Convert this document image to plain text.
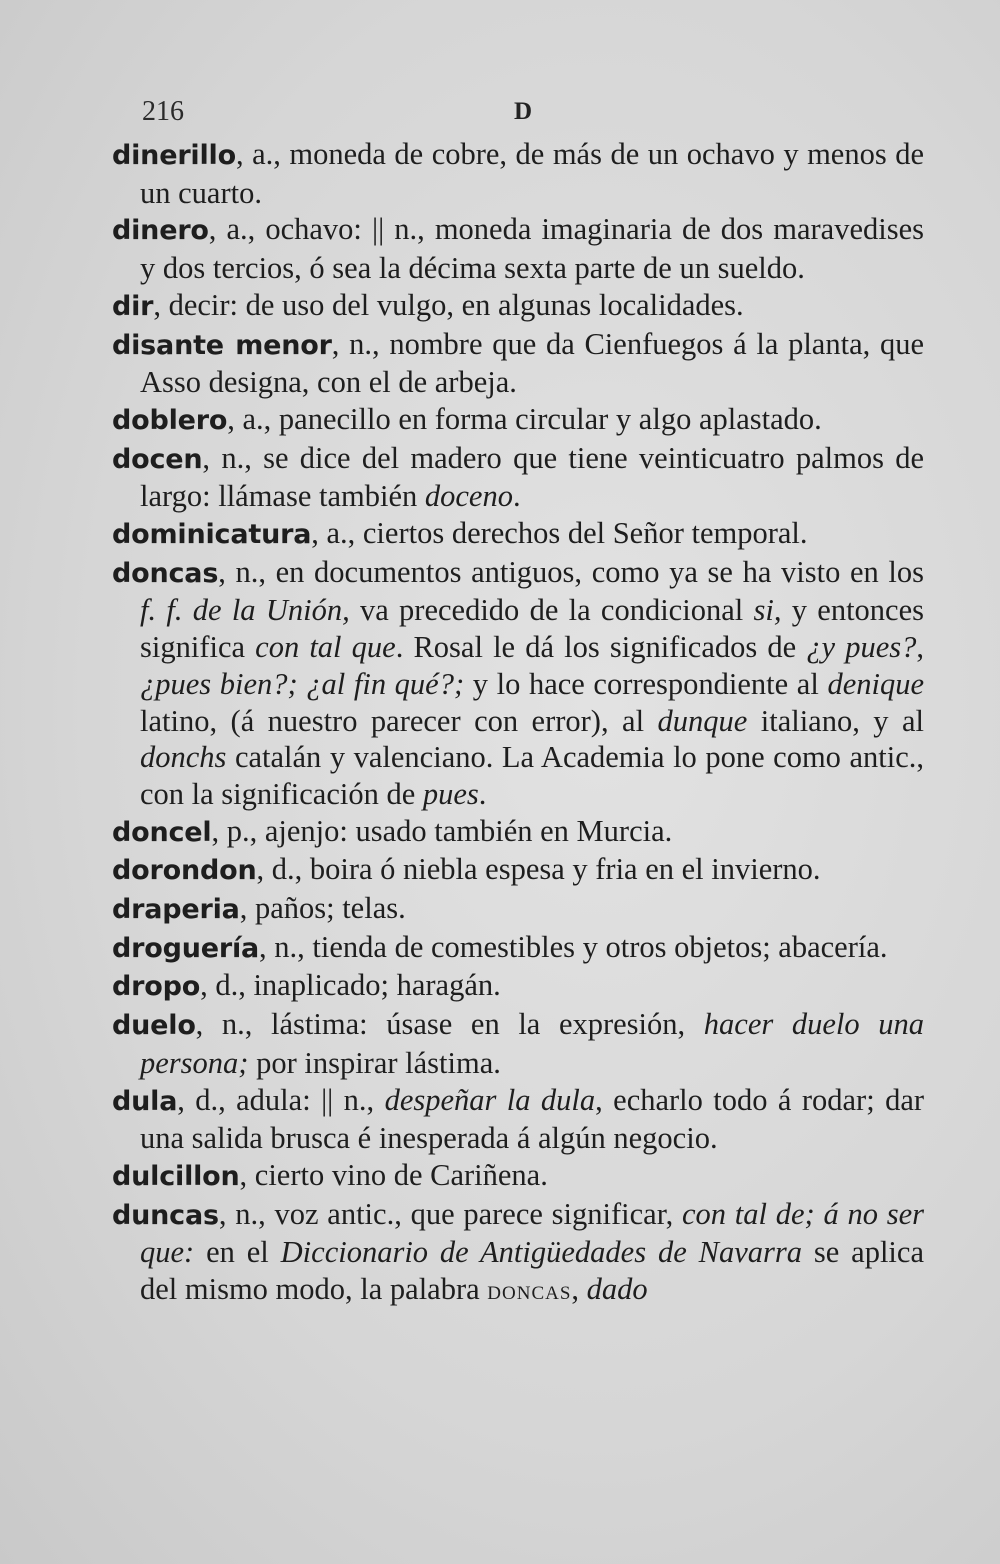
216	D

dinerillo, a., moneda de cobre, de más de un ochavo y menos de un cuarto.

dinero, a., ochavo: || n., moneda imaginaria de dos maravedises y dos tercios, ó sea la décima sexta parte de un sueldo.

dir, decir: de uso del vulgo, en algunas localidades.

disante menor, n., nombre que da Cienfuegos á la planta, que Asso designa, con el de arbeja.

doblero, a., panecillo en forma circular y algo aplastado.

docen, n., se dice del madero que tiene veinticuatro palmos de largo: llámase también doceno.

dominicatura, a., ciertos derechos del Señor temporal.

doncas, n., en documentos antiguos, como ya se ha visto en los f. f. de la Unión, va precedido de la condicional si, y entonces significa con tal que. Rosal le dá los significados de ¿y pues?, ¿pues bien?; ¿al fin qué?; y lo hace correspondiente al denique latino, (á nuestro parecer con error), al dunque italiano, y al donchs catalán y valenciano. La Academia lo pone como antic., con la significación de pues.

doncel, p., ajenjo: usado también en Murcia.

dorondon, d., boira ó niebla espesa y fria en el invierno.

draperia, paños; telas.

droguería, n., tienda de comestibles y otros objetos; abacería.

dropo, d., inaplicado; haragán.

duelo, n., lástima: úsase en la expresión, hacer duelo una persona; por inspirar lástima.

dula, d., adula: || n., despeñar la dula, echarlo todo á rodar; dar una salida brusca é inesperada á algún negocio.

dulcillon, cierto vino de Cariñena.

duncas, n., voz antic., que parece significar, con tal de; á no ser que: en el Diccionario de Antigüedades de Navarra se aplica del mismo modo, la palabra doncas, dado
